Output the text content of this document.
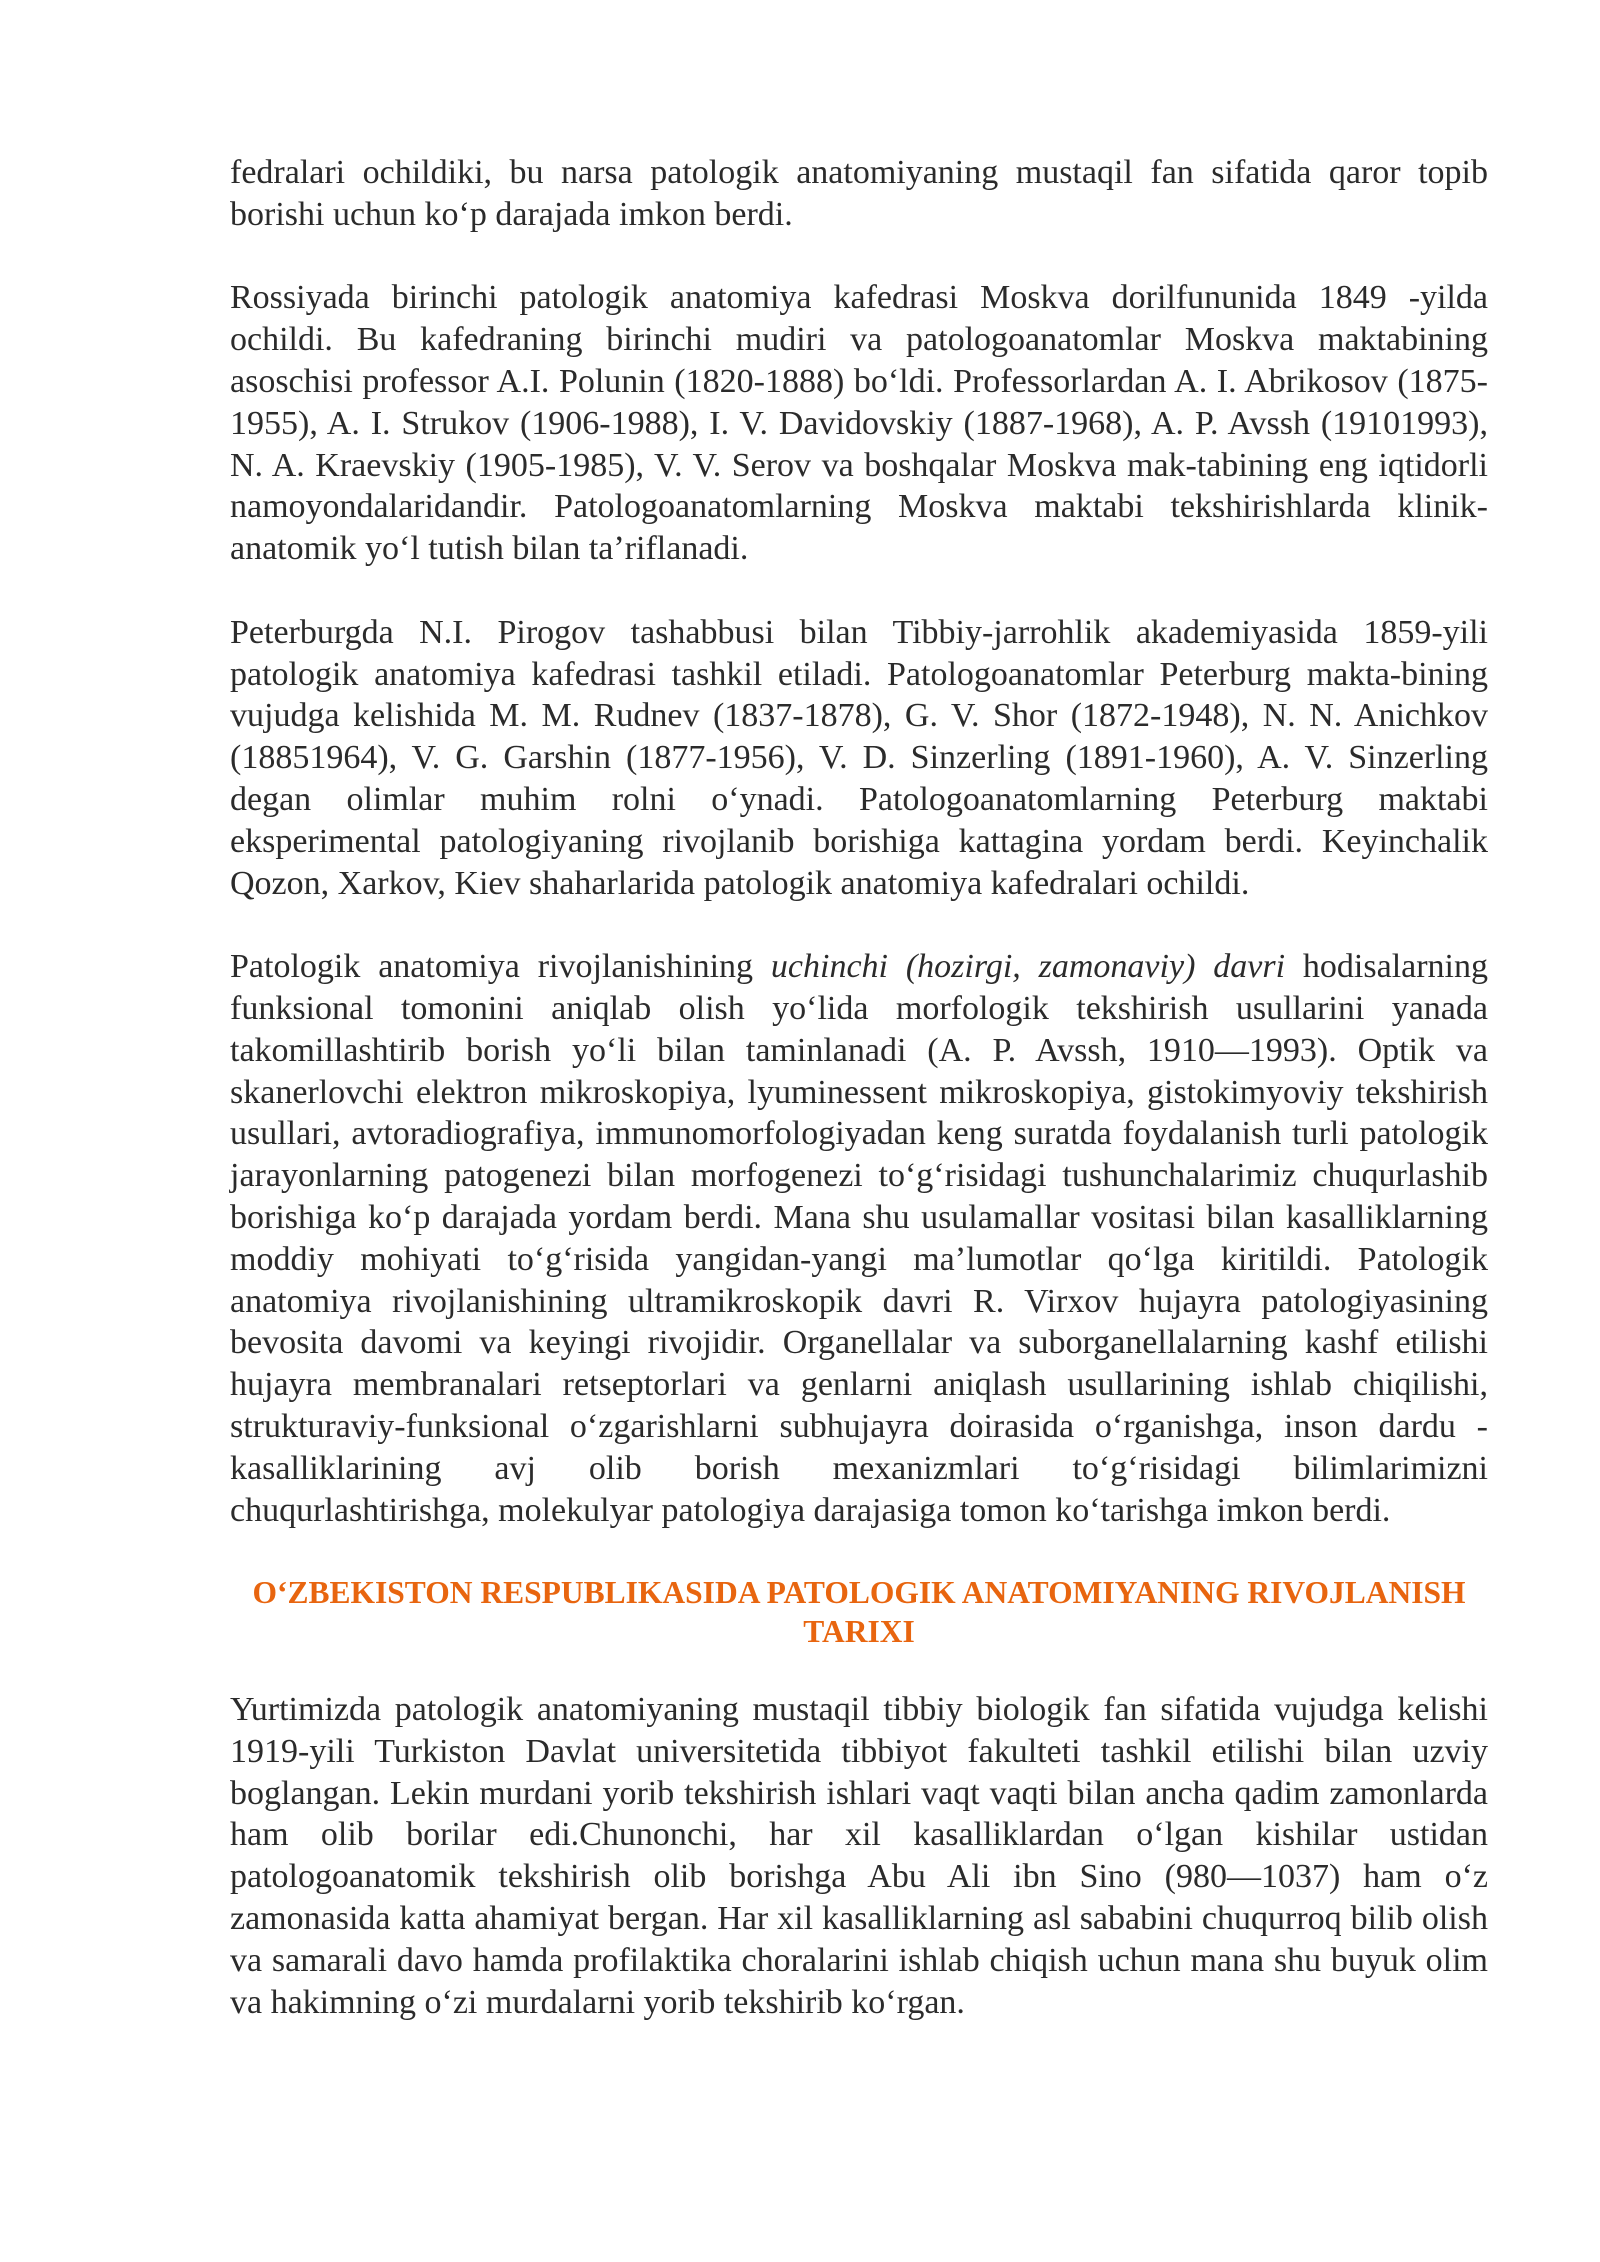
fedralari ochildiki, bu narsa patologik anatomiyaning mustaqil fan sifatida qaror topib borishi uchun koʻp darajada imkon berdi.

Rossiyada birinchi patologik anatomiya kafedrasi Moskva dorilfununida 1849 -yilda ochildi. Bu kafedraning birinchi mudiri va patologoanatomlar Moskva maktabining asoschisi professor A.I. Polunin (1820-1888) boʻldi. Professorlardan A. I. Abrikosov (1875-1955), A. I. Strukov (1906-1988), I. V. Davidovskiy (1887-1968), A. P. Avssh (19101993), N. A. Kraevskiy (1905-1985), V. V. Serov va boshqalar Moskva mak-tabining eng iqtidorli namoyondalaridandir. Patologoanatomlarning Moskva maktabi tekshirishlarda klinik-anatomik yoʻl tutish bilan taʼriflanadi.

Peterburgda N.I. Pirogov tashabbusi bilan Tibbiy-jarrohlik akademiyasida 1859-yili patologik anatomiya kafedrasi tashkil etiladi. Patologoanatomlar Peterburg makta-bining vujudga kelishida M. M. Rudnev (1837-1878), G. V. Shor (1872-1948), N. N. Anichkov (18851964), V. G. Garshin (1877-1956), V. D. Sinzerling (1891-1960), A. V. Sinzerling degan olimlar muhim rolni oʻynadi. Patologoanatomlarning Peterburg maktabi eksperimental patologiyaning rivojlanib borishiga kattagina yordam berdi. Keyinchalik Qozon, Xarkov, Kiev shaharlarida patologik anatomiya kafedralari ochildi.

Patologik anatomiya rivojlanishining uchinchi (hozirgi, zamonaviy) davri hodisalarning funksional tomonini aniqlab olish yoʻlida morfologik tekshirish usullarini yanada takomillashtirib borish yoʻli bilan taminlanadi (A. P. Avssh, 1910—1993). Optik va skanerlovchi elektron mikroskopiya, lyuminessent mikroskopiya, gistokimyoviy tekshirish usullari, avtoradiografiya, immunomorfologiyadan keng suratda foydalanish turli patologik jarayonlarning patogenezi bilan morfogenezi toʻgʻrisidagi tushunchalarimiz chuqurlashib borishiga koʻp darajada yordam berdi. Mana shu usulamallar vositasi bilan kasalliklarning moddiy mohiyati toʻgʻrisida yangidan-yangi maʼlumotlar qoʻlga kiritildi. Patologik anatomiya rivojlanishining ultramikroskopik davri R. Virxov hujayra patologiyasining bevosita davomi va keyingi rivojidir. Organellalar va suborganellalarning kashf etilishi hujayra membranalari retseptorlari va genlarni aniqlash usullarining ishlab chiqilishi, strukturaviy-funksional oʻzgarishlarni subhujayra doirasida oʻrganishga, inson dardu -kasalliklarining avj olib borish mexanizmlari toʻgʻrisidagi bilimlarimizni chuqurlashtirishga, molekulyar patologiya darajasiga tomon koʻtarishga imkon berdi.

OʻZBEKISTON RESPUBLIKASIDA PATOLOGIK ANATOMIYANING RIVOJLANISH
TARIXI

Yurtimizda patologik anatomiyaning mustaqil tibbiy biologik fan sifatida vujudga kelishi 1919-yili Turkiston Davlat universitetida tibbiyot fakulteti tashkil etilishi bilan uzviy boglangan. Lekin murdani yorib tekshirish ishlari vaqt vaqti bilan ancha qadim zamonlarda ham olib borilar edi.Chunonchi, har xil kasalliklardan oʻlgan kishilar ustidan patologoanatomik tekshirish olib borishga Abu Ali ibn Sino (980—1037) ham oʻz zamonasida katta ahamiyat bergan. Har xil kasalliklarning asl sababini chuqurroq bilib olish va samarali davo hamda profilaktika choralarini ishlab chiqish uchun mana shu buyuk olim va hakimning oʻzi murdalarni yorib tekshirib koʻrgan.
